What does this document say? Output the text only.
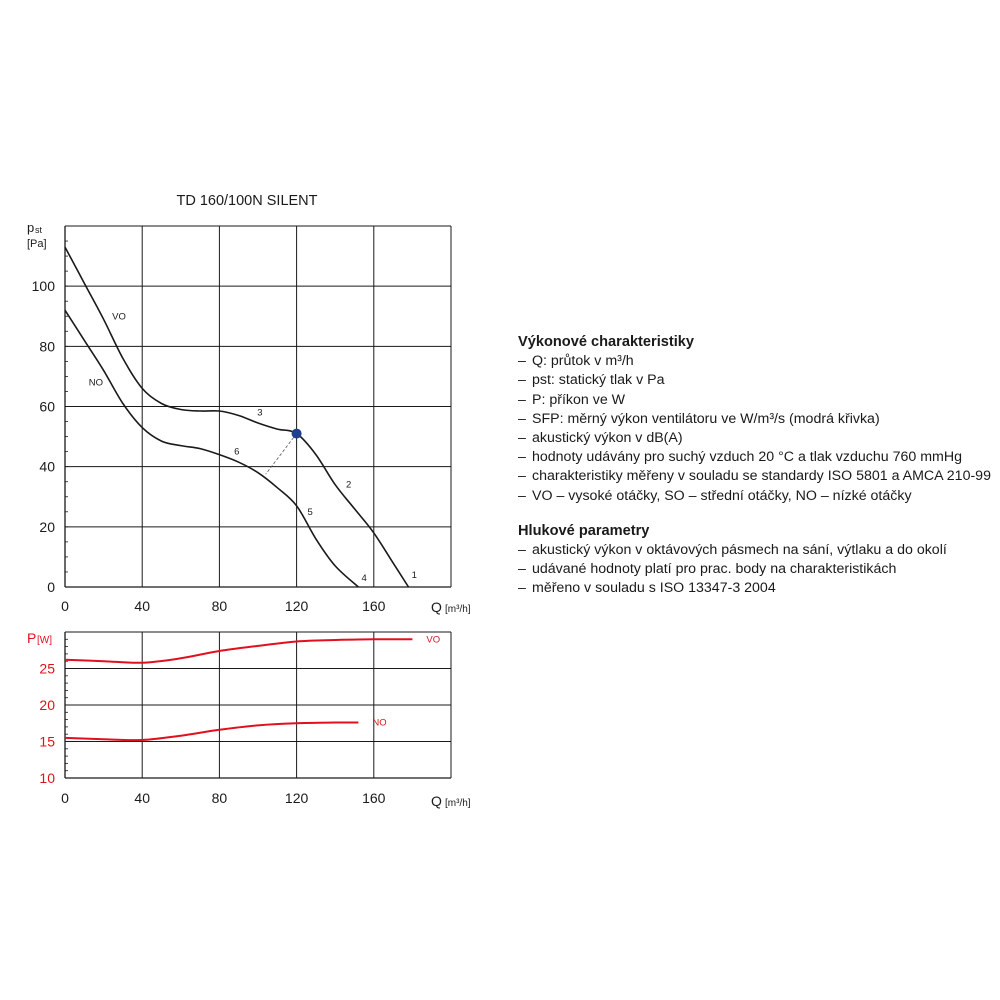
TD 160/100N SILENT
0
20
40
60
80
100
0	40	80	120	160
p st
[Pa]
Q [m³/h]
VO
NO
1
2
3
4
5
6
10
15
20
25
0	40	80	120	160
P [W]
Q [m³/h]
VO
NO
Výkonové charakteristiky
– Q: průtok v m³/h
– pst: statický tlak v Pa
– P: příkon ve W
– SFP: měrný výkon ventilátoru ve W/m³/s (modrá křivka)
– akustický výkon v dB(A)
– hodnoty udávány pro suchý vzduch 20 °C a tlak vzduchu 760 mmHg
– charakteristiky měřeny v souladu se standardy ISO 5801 a AMCA 210-99
– VO – vysoké otáčky, SO – střední otáčky, NO – nízké otáčky
Hlukové parametry
– akustický výkon v oktávových pásmech na sání, výtlaku a do okolí
– udávané hodnoty platí pro prac. body na charakteristikách
– měřeno v souladu s ISO 13347-3 2004
